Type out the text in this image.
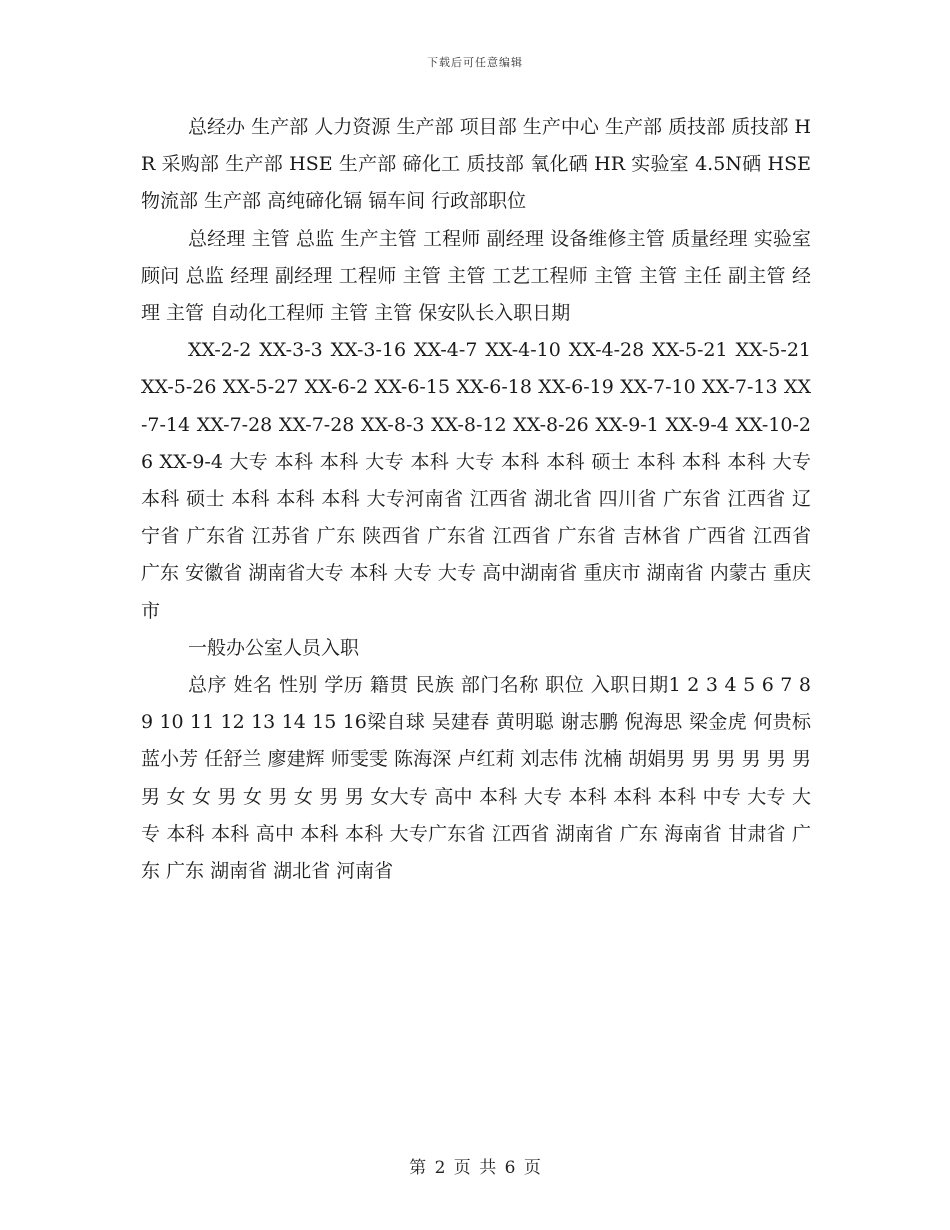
下载后可任意编辑

总经办 生产部 人力资源 生产部 项目部 生产中心 生产部 质技部 质技部 HR 采购部 生产部 HSE 生产部 碲化工 质技部 氧化硒 HR 实验室 4.5N硒 HSE 物流部 生产部 高纯碲化镉 镉车间 行政部职位

总经理 主管 总监 生产主管 工程师 副经理 设备维修主管 质量经理 实验室顾问 总监 经理 副经理 工程师 主管 主管 工艺工程师 主管 主管 主任 副主管 经理 主管 自动化工程师 主管 主管 保安队长入职日期

XX-2-2 XX-3-3 XX-3-16 XX-4-7 XX-4-10 XX-4-28 XX-5-21 XX-5-21 XX-5-26 XX-5-27 XX-6-2 XX-6-15 XX-6-18 XX-6-19 XX-7-10 XX-7-13 XX-7-14 XX-7-28 XX-7-28 XX-8-3 XX-8-12 XX-8-26 XX-9-1 XX-9-4 XX-10-26 XX-9-4 大专 本科 本科 大专 本科 大专 本科 本科 硕士 本科 本科 本科 大专 本科 硕士 本科 本科 本科 大专河南省 江西省 湖北省 四川省 广东省 江西省 辽宁省 广东省 江苏省 广东 陕西省 广东省 江西省 广东省 吉林省 广西省 江西省 广东 安徽省 湖南省大专 本科 大专 大专 高中湖南省 重庆市 湖南省 内蒙古 重庆市

一般办公室人员入职

总序 姓名 性别 学历 籍贯 民族 部门名称 职位 入职日期1 2 3 4 5 6 7 8 9 10 11 12 13 14 15 16梁自球 吴建春 黄明聪 谢志鹏 倪海思 梁金虎 何贵标 蓝小芳 任舒兰 廖建辉 师雯雯 陈海深 卢红莉 刘志伟 沈楠 胡娟男 男 男 男 男 男 男 女 女 男 女 男 女 男 男 女大专 高中 本科 大专 本科 本科 本科 中专 大专 大专 本科 本科 高中 本科 本科 大专广东省 江西省 湖南省 广东 海南省 甘肃省 广东 广东 湖南省 湖北省 河南省

第 2 页 共 6 页
